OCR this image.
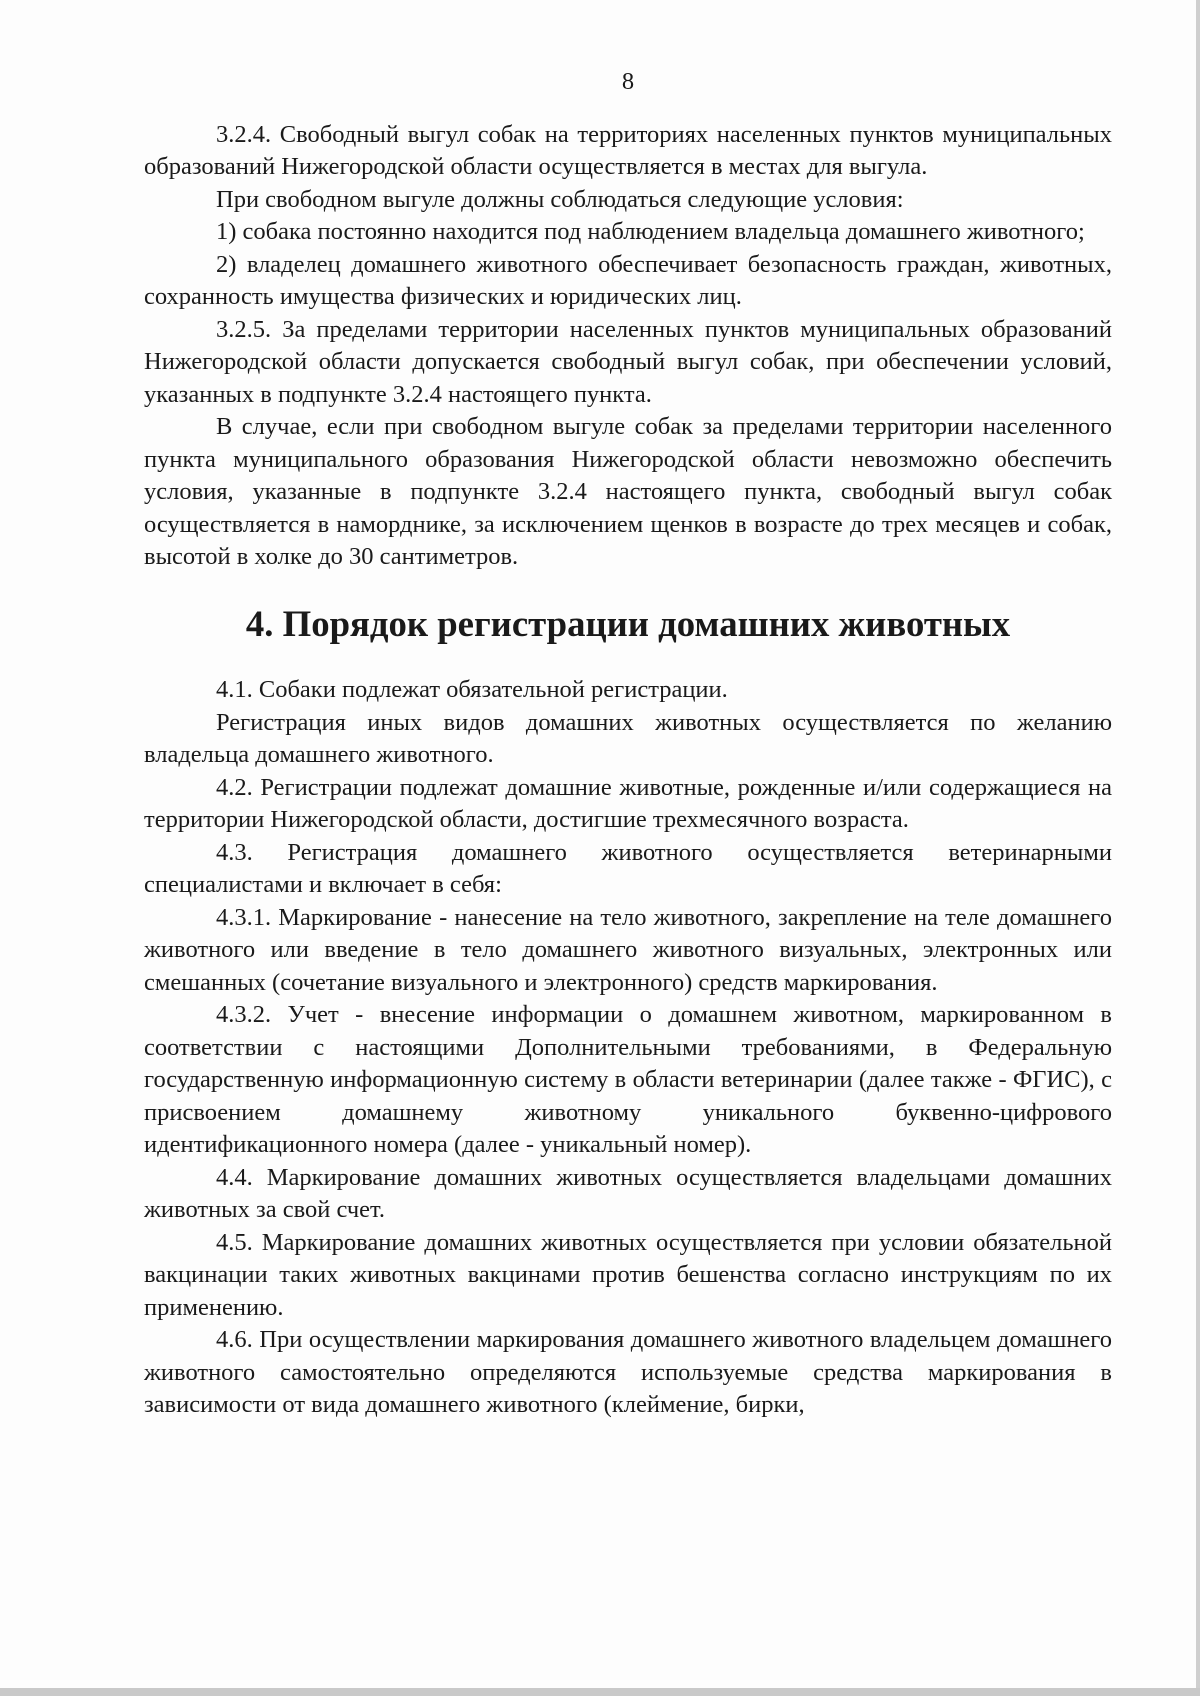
8

3.2.4. Свободный выгул собак на территориях населенных пунктов муниципальных образований Нижегородской области осуществляется в местах для выгула.

При свободном выгуле должны соблюдаться следующие условия:

1) собака постоянно находится под наблюдением владельца домашнего животного;

2) владелец домашнего животного обеспечивает безопасность граждан, животных, сохранность имущества физических и юридических лиц.

3.2.5. За пределами территории населенных пунктов муниципальных образований Нижегородской области допускается свободный выгул собак, при обеспечении условий, указанных в подпункте 3.2.4 настоящего пункта.

В случае, если при свободном выгуле собак за пределами территории населенного пункта муниципального образования Нижегородской области невозможно обеспечить условия, указанные в подпункте 3.2.4 настоящего пункта, свободный выгул собак осуществляется в наморднике, за исключением щенков в возрасте до трех месяцев и собак, высотой в холке до 30 сантиметров.

4. Порядок регистрации домашних животных

4.1. Собаки подлежат обязательной регистрации.

Регистрация иных видов домашних животных осуществляется по желанию владельца домашнего животного.

4.2. Регистрации подлежат домашние животные, рожденные и/или содержащиеся на территории Нижегородской области, достигшие трехмесячного возраста.

4.3. Регистрация домашнего животного осуществляется ветеринарными специалистами и включает в себя:

4.3.1. Маркирование - нанесение на тело животного, закрепление на теле домашнего животного или введение в тело домашнего животного визуальных, электронных или смешанных (сочетание визуального и электронного) средств маркирования.

4.3.2. Учет - внесение информации о домашнем животном, маркированном в соответствии с настоящими Дополнительными требованиями, в Федеральную государственную информационную систему в области ветеринарии (далее также - ФГИС), с присвоением домашнему животному уникального буквенно-цифрового идентификационного номера (далее - уникальный номер).

4.4. Маркирование домашних животных осуществляется владельцами домашних животных за свой счет.

4.5. Маркирование домашних животных осуществляется при условии обязательной вакцинации таких животных вакцинами против бешенства согласно инструкциям по их применению.

4.6. При осуществлении маркирования домашнего животного владельцем домашнего животного самостоятельно определяются используемые средства маркирования в зависимости от вида домашнего животного (клеймение, бирки,
